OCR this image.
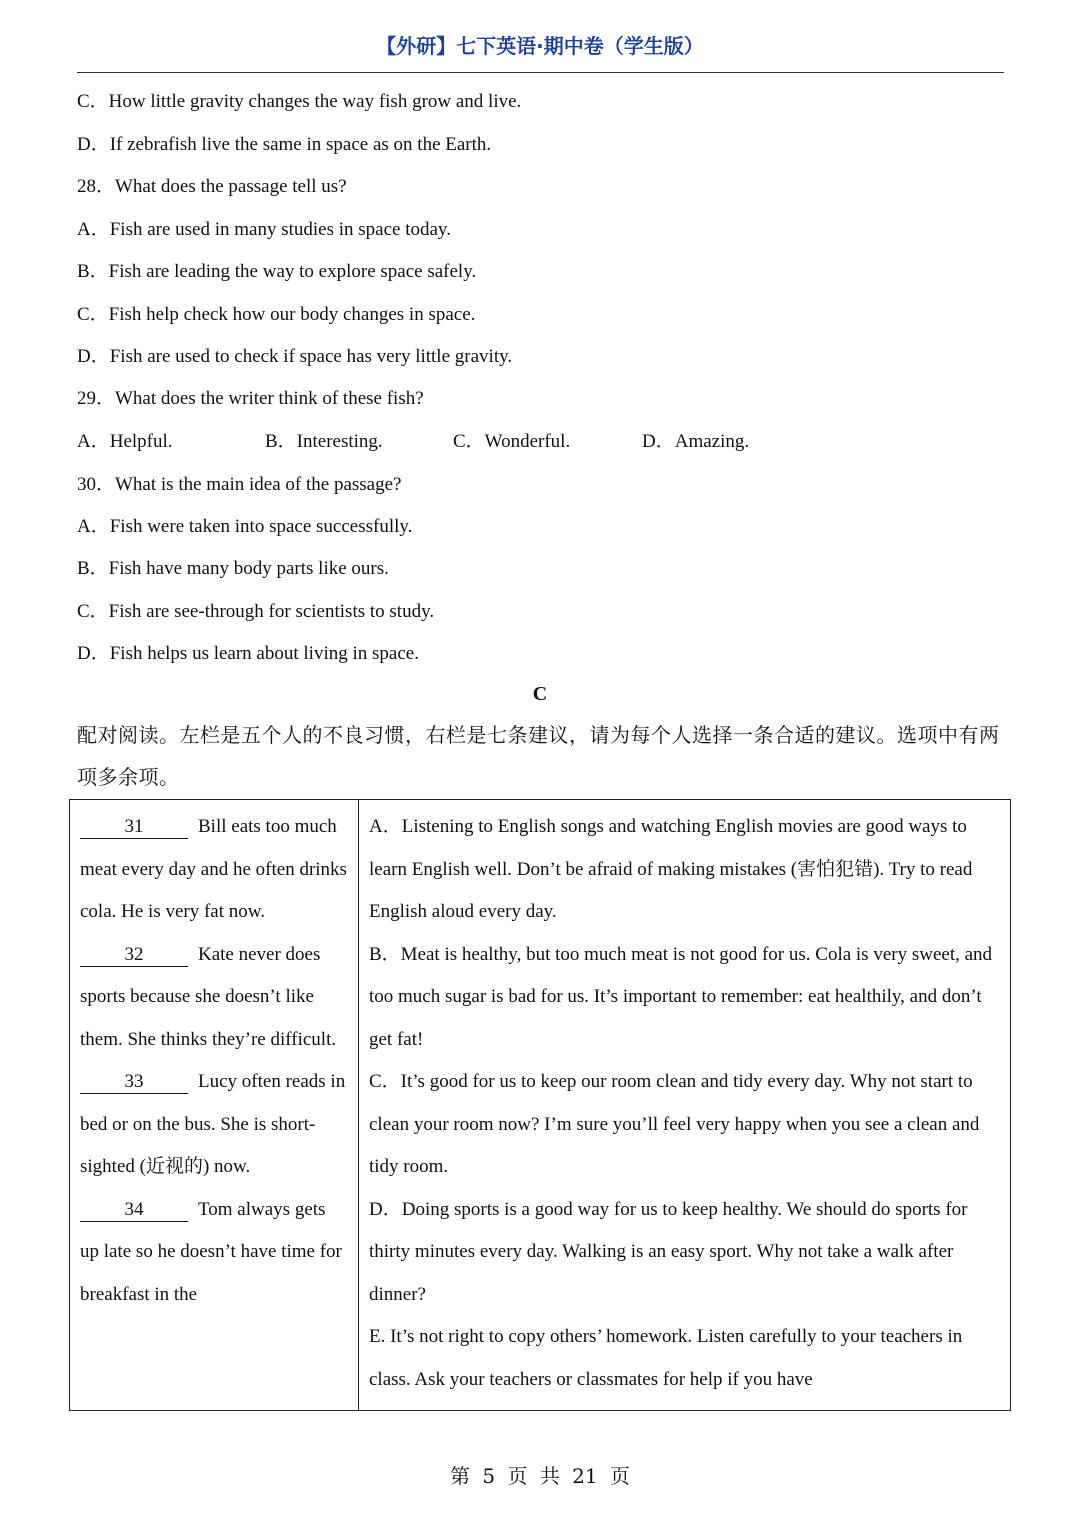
【外研】七下英语·期中卷（学生版）
C．How little gravity changes the way fish grow and live.
D．If zebrafish live the same in space as on the Earth.
28．What does the passage tell us?
A．Fish are used in many studies in space today.
B．Fish are leading the way to explore space safely.
C．Fish help check how our body changes in space.
D．Fish are used to check if space has very little gravity.
29．What does the writer think of these fish?
A．Helpful.	B．Interesting.	C．Wonderful.	D．Amazing.
30．What is the main idea of the passage?
A．Fish were taken into space successfully.
B．Fish have many body parts like ours.
C．Fish are see-through for scientists to study.
D．Fish helps us learn about living in space.
C
配对阅读。左栏是五个人的不良习惯，右栏是七条建议，请为每个人选择一条合适的建议。选项中有两项多余项。
31	Bill eats too much meat every day and he often drinks cola. He is very fat now.
32	Kate never does sports because she doesn’t like them. She thinks they’re difficult.
33	Lucy often reads in bed or on the bus. She is short-sighted (近视的) now.
34	Tom always gets up late so he doesn’t have time for breakfast in the

A．Listening to English songs and watching English movies are good ways to learn English well. Don’t be afraid of making mistakes (害怕犯错). Try to read English aloud every day.
B．Meat is healthy, but too much meat is not good for us. Cola is very sweet, and too much sugar is bad for us. It’s important to remember: eat healthily, and don’t get fat!
C．It’s good for us to keep our room clean and tidy every day. Why not start to clean your room now? I’m sure you’ll feel very happy when you see a clean and tidy room.
D．Doing sports is a good way for us to keep healthy. We should do sports for thirty minutes every day. Walking is an easy sport. Why not take a walk after dinner?
E. It’s not right to copy others’ homework. Listen carefully to your teachers in class. Ask your teachers or classmates for help if you have
第 5 页 共 21 页
